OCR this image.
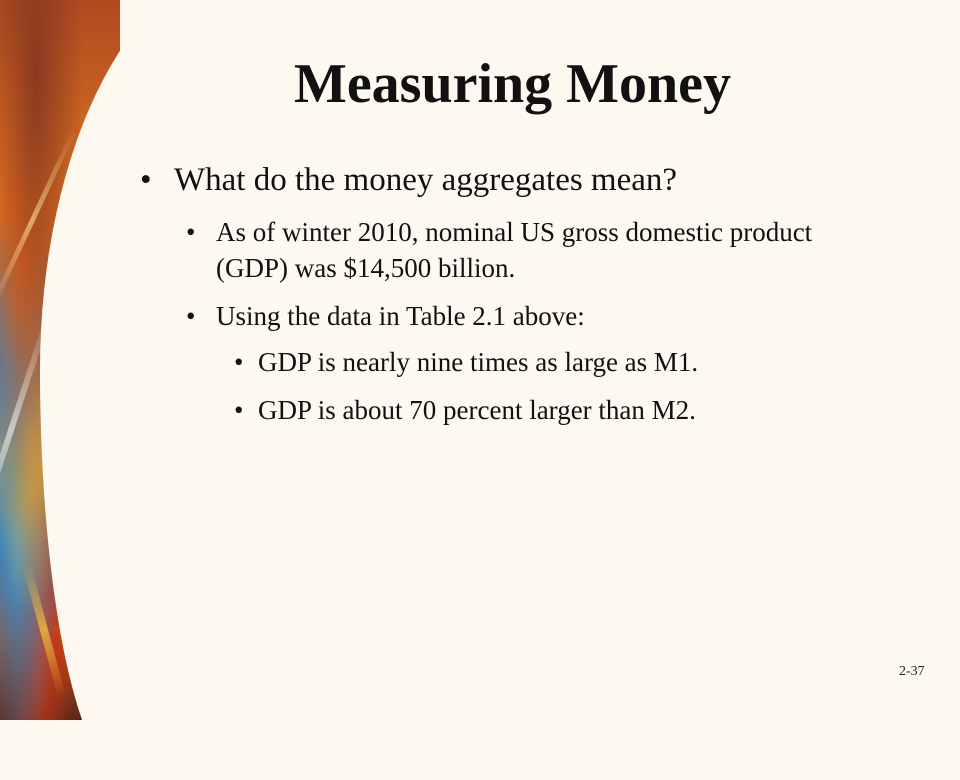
Measuring Money
• What do the money aggregates mean?
• As of winter 2010, nominal US gross domestic product (GDP) was $14,500 billion.
• Using the data in Table 2.1 above:
• GDP is nearly nine times as large as M1.
• GDP is about 70 percent larger than M2.
2-37
